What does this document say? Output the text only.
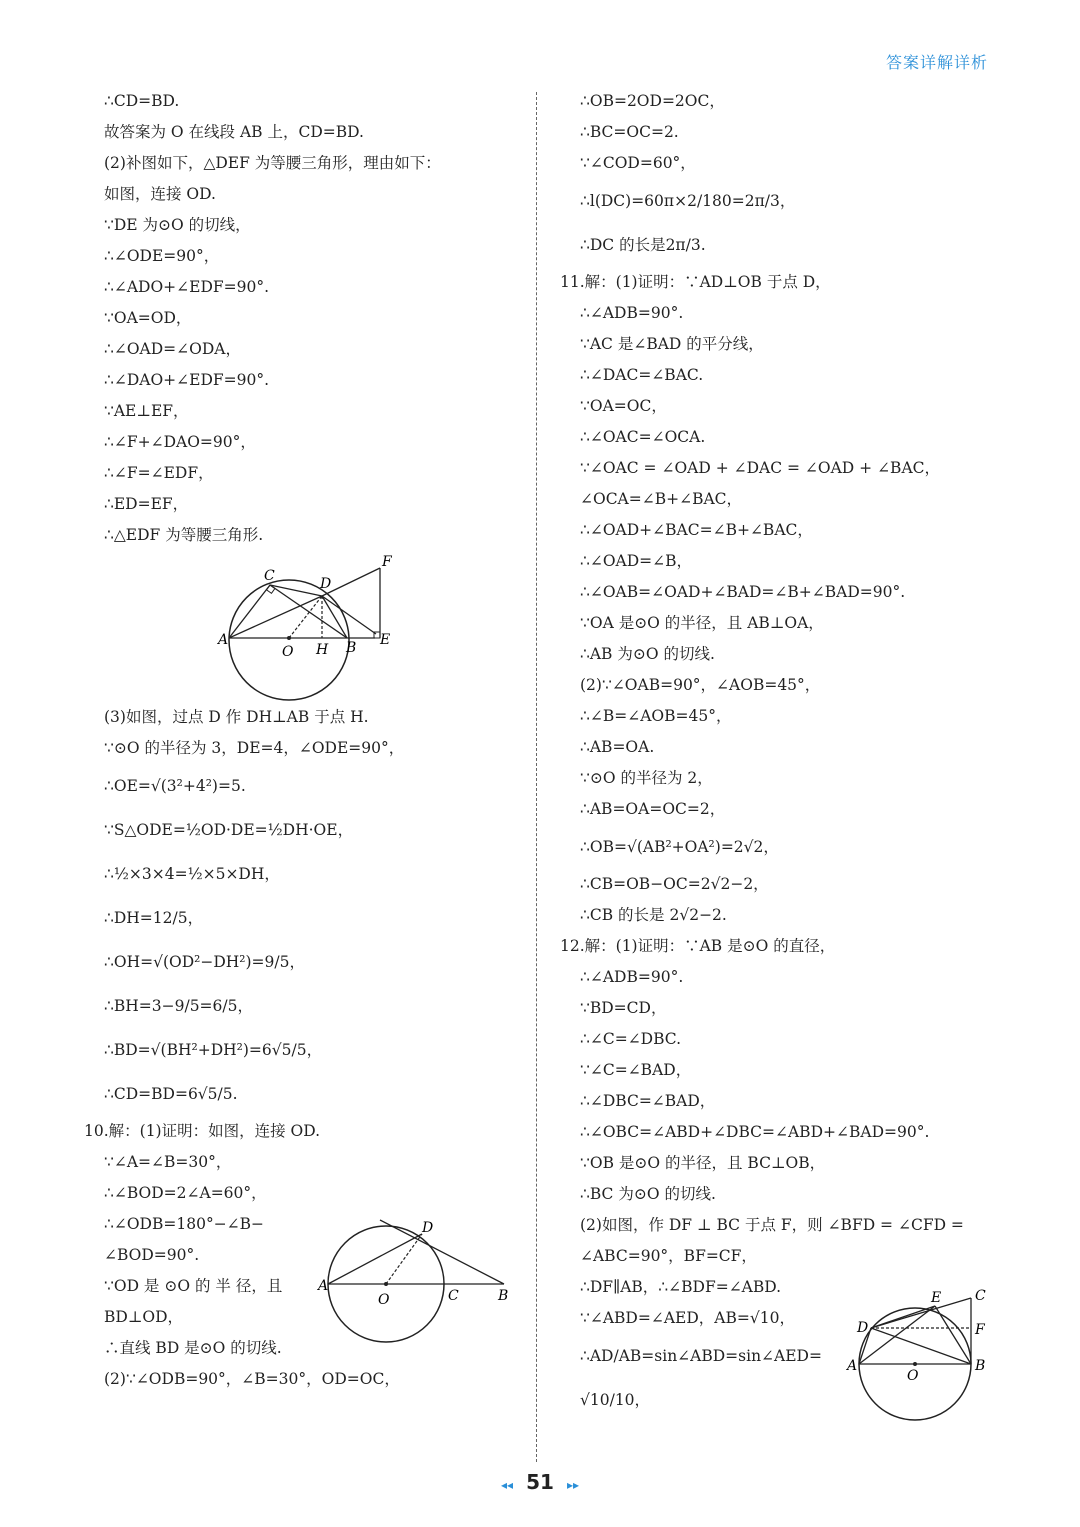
答案详解详析
∴CD=BD.
故答案为 O 在线段 AB 上，CD=BD.
(2)补图如下，△DEF 为等腰三角形，理由如下：
如图，连接 OD.
∵DE 为⊙O 的切线，
∴∠ODE=90°，
∴∠ADO+∠EDF=90°.
∵OA=OD，
∴∠OAD=∠ODA，
∴∠DAO+∠EDF=90°.
∵AE⊥EF，
∴∠F+∠DAO=90°，
∴∠F=∠EDF，
∴ED=EF，
∴△EDF 为等腰三角形.
C	D
F
A
O H B E
(3)如图，过点 D 作 DH⊥AB 于点 H.
∵⊙O 的半径为 3，DE=4，∠ODE=90°，
∴OE=√(3²+4²)=5.
∵S△ODE=½OD·DE=½DH·OE，
∴½×3×4=½×5×DH，
∴DH=12/5，
∴OH=√(OD²−DH²)=9/5，
∴BH=3−9/5=6/5，
∴BD=√(BH²+DH²)=6√5/5，
∴CD=BD=6√5/5.
10.解：(1)证明：如图，连接 OD.
∵∠A=∠B=30°，
∴∠BOD=2∠A=60°，
∴∠ODB=180°−∠B−
∠BOD=90°.
∵OD 是 ⊙O 的 半 径，且
BD⊥OD，
∴直线 BD 是⊙O 的切线.
(2)∵∠ODB=90°，∠B=30°，OD=OC，
D
A
O	C	B
∴OB=2OD=2OC，
∴BC=OC=2.
∵∠COD=60°，
∴l(DC)=60π×2/180=2π/3，
∴DC 的长是2π/3.
11.解：(1)证明：∵AD⊥OB 于点 D，
∴∠ADB=90°.
∵AC 是∠BAD 的平分线，
∴∠DAC=∠BAC.
∵OA=OC，
∴∠OAC=∠OCA.
∵∠OAC = ∠OAD + ∠DAC = ∠OAD + ∠BAC，
∠OCA=∠B+∠BAC，
∴∠OAD+∠BAC=∠B+∠BAC，
∴∠OAD=∠B，
∴∠OAB=∠OAD+∠BAD=∠B+∠BAD=90°.
∵OA 是⊙O 的半径，且 AB⊥OA，
∴AB 为⊙O 的切线.
(2)∵∠OAB=90°，∠AOB=45°，
∴∠B=∠AOB=45°，
∴AB=OA.
∵⊙O 的半径为 2，
∴AB=OA=OC=2，
∴OB=√(AB²+OA²)=2√2，
∴CB=OB−OC=2√2−2，
∴CB 的长是 2√2−2.
12.解：(1)证明：∵AB 是⊙O 的直径，
∴∠ADB=90°.
∵BD=CD，
∴∠C=∠DBC.
∵∠C=∠BAD，
∴∠DBC=∠BAD，
∴∠OBC=∠ABD+∠DBC=∠ABD+∠BAD=90°.
∵OB 是⊙O 的半径，且 BC⊥OB，
∴BC 为⊙O 的切线.
(2)如图，作 DF ⊥ BC 于点 F，则 ∠BFD = ∠CFD =
∠ABC=90°，BF=CF，
∴DF∥AB，∴∠BDF=∠ABD.
∵∠ABD=∠AED，AB=√10，
∴AD/AB=sin∠ABD=sin∠AED=
√10/10，
E C
D	F
A
O
B
◂◂ 51 ▸▸
